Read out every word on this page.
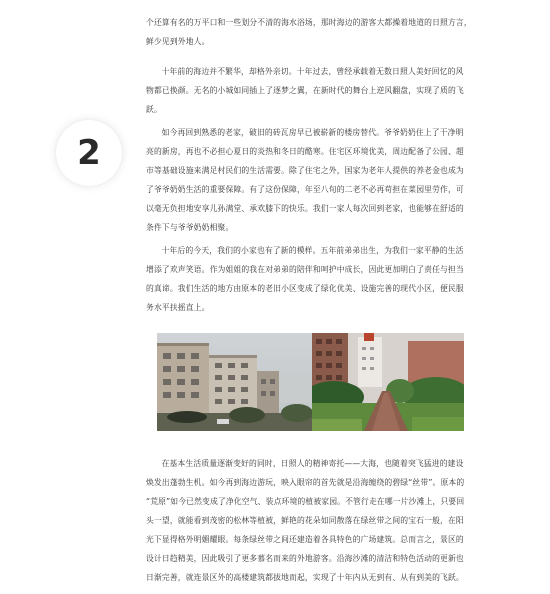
个还算有名的万平口和一些划分不清的海水浴场，那时海边的游客大都操着地道的日照方言，

鲜少见到外地人。

2

十年前的海边并不繁华，却格外亲切。十年过去，曾经承载着无数日照人美好回忆的风

物都已换颜。无名的小城如同插上了逐梦之翼，在新时代的舞台上逆风翻盘，实现了质的飞

跃。

如今再回到熟悉的老家，破旧的砖瓦房早已被崭新的楼房替代。爷爷奶奶住上了干净明

亮的新房，再也不必担心夏日的炎热和冬日的酷寒。住宅区环境优美，周边配备了公园、超

市等基础设施来满足村民们的生活需要。除了住宅之外，国家为老年人提供的养老金也成为

了爷爷奶奶生活的重要保障。有了这份保障，年至八旬的二老不必再苟担在菜园里劳作，可

以毫无负担地安享儿孙满堂、承欢膝下的快乐。我们一家人每次回到老家，也能够在舒适的

条件下与爷爷奶奶相聚。

十年后的今天，我们的小家也有了新的模样。五年前弟弟出生，为我们一家平静的生活

增添了欢声笑语。作为姐姐的我在对弟弟的陪伴和呵护中成长，因此更加明白了责任与担当

的真谛。我们生活的地方由原本的老旧小区变成了绿化优美、设施完善的现代小区，便民服

务水平扶摇直上。

在基本生活质量逐渐变好的同时，日照人的精神寄托——大海，也随着突飞猛进的建设

焕发出蓬勃生机。如今再到海边游玩，映入眼帘的首先就是沿海缠绕的碧绿“丝带”。原本的

“荒原”如今已然变成了净化空气、装点环境的植被家园。不管行走在哪一片沙滩上，只要回

头一望，就能看到茂密的松林等植被，鲜艳的花朵如同散落在绿丝带之间的宝石一般，在阳

光下显得格外明媚耀眼。每条绿丝带之间还建造着各具特色的广场建筑。总而言之，景区的

设计日趋精美，因此吸引了更多慕名而来的外地游客。沿海沙滩的清洁和特色活动的更新也

日渐完善，就连景区外的高楼建筑都拔地而起，实现了十年内从无到有、从有到美的飞跃。
